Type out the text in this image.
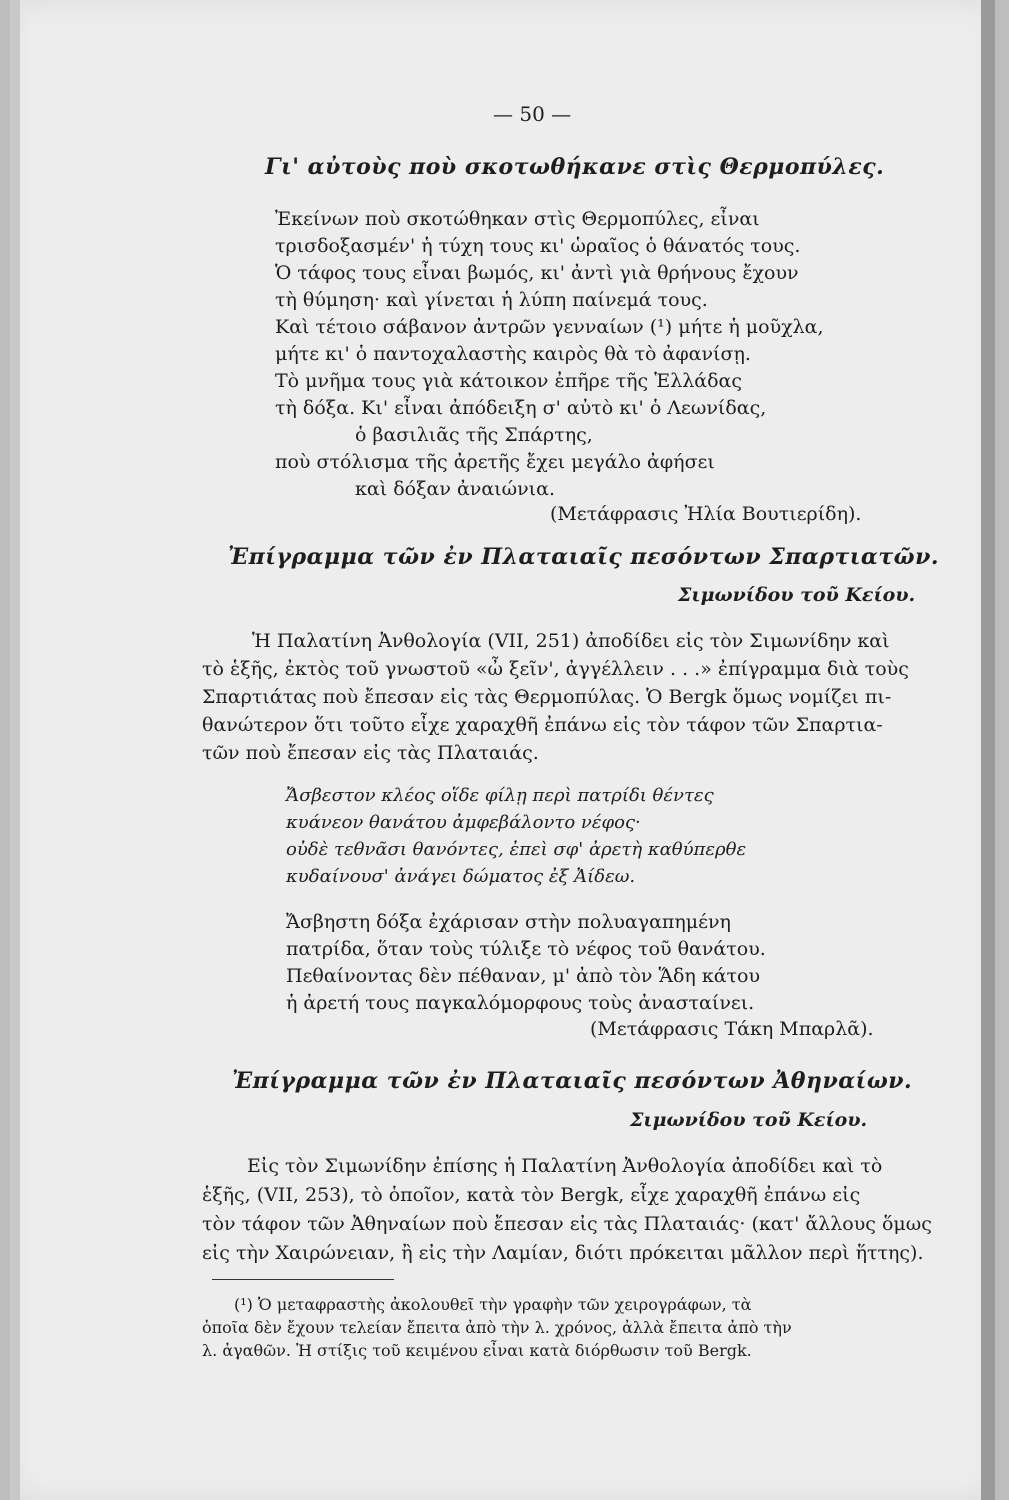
— 50 —
Γι' αὐτοὺς ποὺ σκοτωθήκανε στὶς Θερμοπύλες.
Ἐκείνων ποὺ σκοτώθηκαν στὶς Θερμοπύλες, εἶναι
τρισδοξασμέν' ἡ τύχη τους κι' ὡραῖος ὁ θάνατός τους.
Ὁ τάφος τους εἶναι βωμός, κι' ἀντὶ γιὰ θρήνους ἔχουν
τὴ θύμηση· καὶ γίνεται ἡ λύπη παίνεμά τους.
Καὶ τέτοιο σάβανον ἀντρῶν γενναίων (¹) μήτε ἡ μοῦχλα,
μήτε κι' ὁ παντοχαλαστὴς καιρὸς θὰ τὸ ἀφανίσῃ.
Τὸ μνῆμα τους γιὰ κάτοικον ἐπῆρε τῆς Ἑλλάδας
τὴ δόξα. Κι' εἶναι ἀπόδειξη σ' αὐτὸ κι' ὁ Λεωνίδας,
ὁ βασιλιᾶς τῆς Σπάρτης,
ποὺ στόλισμα τῆς ἀρετῆς ἔχει μεγάλο ἀφήσει
καὶ δόξαν ἀναιώνια.
(Μετάφρασις Ἠλία Βουτιερίδη).
Ἐπίγραμμα τῶν ἐν Πλαταιαῖς πεσόντων Σπαρτιατῶν.
Σιμωνίδου τοῦ Κείου.
Ἡ Παλατίνη Ἀνθολογία (VII, 251) ἀποδίδει εἰς τὸν Σιμωνίδην καὶ
τὸ ἑξῆς, ἐκτὸς τοῦ γνωστοῦ «ὦ ξεῖν', ἀγγέλλειν . . .» ἐπίγραμμα διὰ τοὺς
Σπαρτιάτας ποὺ ἔπεσαν εἰς τὰς Θερμοπύλας. Ὁ Bergk ὅμως νομίζει πι-
θανώτερον ὅτι τοῦτο εἶχε χαραχθῆ ἐπάνω εἰς τὸν τάφον τῶν Σπαρτια-
τῶν ποὺ ἔπεσαν εἰς τὰς Πλαταιάς.
Ἄσβεστον κλέος οἵδε φίλῃ περὶ πατρίδι θέντες
κυάνεον θανάτου ἀμφεβάλοντο νέφος·
οὐδὲ τεθνᾶσι θανόντες, ἐπεὶ σφ' ἀρετὴ καθύπερθε
κυδαίνουσ' ἀνάγει δώματος ἐξ Ἀίδεω.
Ἄσβηστη δόξα ἐχάρισαν στὴν πολυαγαπημένη
πατρίδα, ὅταν τοὺς τύλιξε τὸ νέφος τοῦ θανάτου.
Πεθαίνοντας δὲν πέθαναν, μ' ἀπὸ τὸν Ἅδη κάτου
ἡ ἀρετή τους παγκαλόμορφους τοὺς ἀνασταίνει.
(Μετάφρασις Τάκη Μπαρλᾶ).
Ἐπίγραμμα τῶν ἐν Πλαταιαῖς πεσόντων Ἀθηναίων.
Σιμωνίδου τοῦ Κείου.
Εἰς τὸν Σιμωνίδην ἐπίσης ἡ Παλατίνη Ἀνθολογία ἀποδίδει καὶ τὸ
ἑξῆς, (VII, 253), τὸ ὁποῖον, κατὰ τὸν Bergk, εἶχε χαραχθῆ ἐπάνω εἰς
τὸν τάφον τῶν Ἀθηναίων ποὺ ἔπεσαν εἰς τὰς Πλαταιάς· (κατ' ἄλλους ὅμως
εἰς τὴν Χαιρώνειαν, ἢ εἰς τὴν Λαμίαν, διότι πρόκειται μᾶλλον περὶ ἥττης).
(¹) Ὁ μεταφραστὴς ἀκολουθεῖ τὴν γραφὴν τῶν χειρογράφων, τὰ
ὁποῖα δὲν ἔχουν τελείαν ἔπειτα ἀπὸ τὴν λ. χρόνος, ἀλλὰ ἔπειτα ἀπὸ τὴν
λ. ἀγαθῶν. Ἡ στίξις τοῦ κειμένου εἶναι κατὰ διόρθωσιν τοῦ Bergk.
